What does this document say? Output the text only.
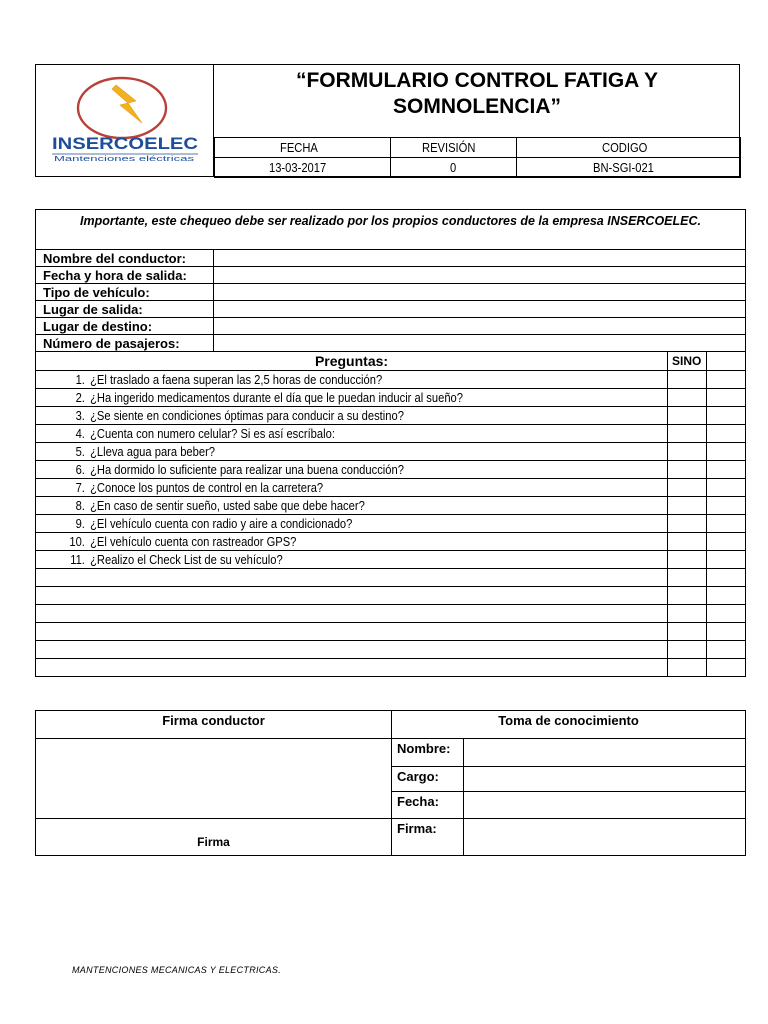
INSERCOELEC
Mantenciones eléctricas
“FORMULARIO CONTROL FATIGA Y SOMNOLENCIA”
FECHA	REVISIÓN	CODIGO
13-03-2017	0	BN-SGI-021
Importante, este chequeo debe ser realizado por los propios conductores de la empresa INSERCOELEC.			
Nombre del conductor:			
Fecha y hora de salida:			
Tipo de vehículo:			
Lugar de salida:			
Lugar de destino:			
Número de pasajeros:			
Preguntas:		SINO	
1. ¿El traslado a faena superan las 2,5 horas de conducción?			
2. ¿Ha ingerido medicamentos durante el día que le puedan inducir al sueño?			
3. ¿Se siente en condiciones óptimas para conducir a su destino?			
4. ¿Cuenta con numero celular? Si es así escríbalo:			
5. ¿Lleva agua para beber?			
6. ¿Ha dormido lo suficiente para realizar una buena conducción?			
7. ¿Conoce los puntos de control en la carretera?			
8. ¿En caso de sentir sueño, usted sabe que debe hacer?			
9. ¿El vehículo cuenta con radio y aire a condicionado?			
10. ¿El vehículo cuenta con rastreador GPS?			
11. ¿Realizo el Check List de su vehículo?			

Firma conductor	Toma de conocimiento	
	Nombre:	
	Cargo:	
	Fecha:	
Firma	Firma:	
MANTENCIONES MECANICAS Y ELECTRICAS.
